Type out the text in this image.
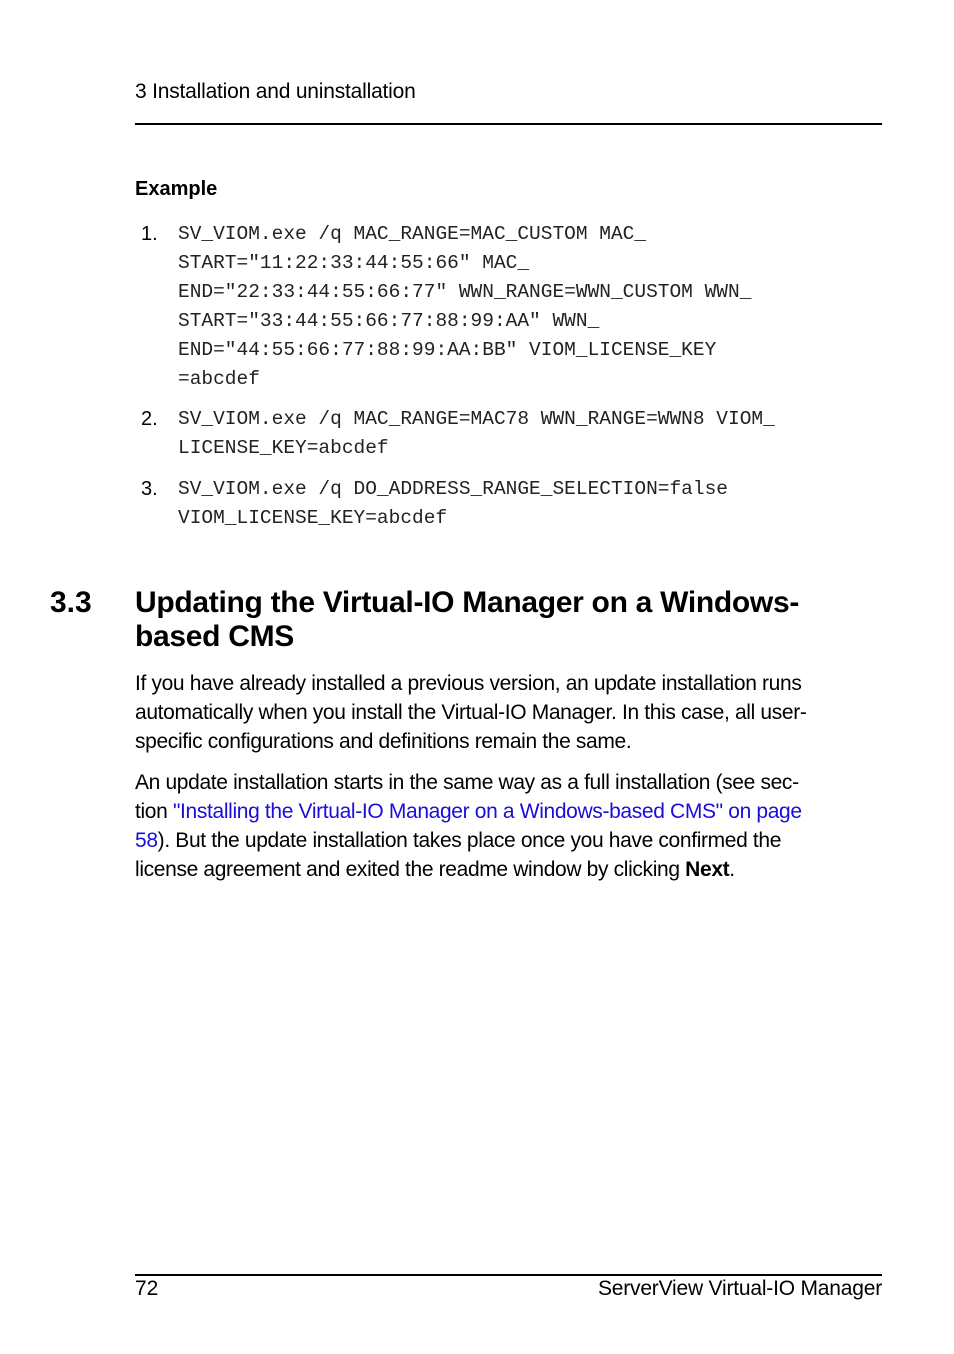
3 Installation and uninstallation
Example
1. SV_VIOM.exe /q MAC_RANGE=MAC_CUSTOM MAC_
START="11:22:33:44:55:66" MAC_
END="22:33:44:55:66:77" WWN_RANGE=WWN_CUSTOM WWN_
START="33:44:55:66:77:88:99:AA" WWN_
END="44:55:66:77:88:99:AA:BB" VIOM_LICENSE_KEY
=abcdef
2. SV_VIOM.exe /q MAC_RANGE=MAC78 WWN_RANGE=WWN8 VIOM_
LICENSE_KEY=abcdef
3. SV_VIOM.exe /q DO_ADDRESS_RANGE_SELECTION=false
VIOM_LICENSE_KEY=abcdef
3.3 Updating the Virtual-IO Manager on a Windows-
based CMS
If you have already installed a previous version, an update installation runs
automatically when you install the Virtual-IO Manager. In this case, all user-
specific configurations and definitions remain the same.
An update installation starts in the same way as a full installation (see sec-
tion "Installing the Virtual-IO Manager on a Windows-based CMS" on page
58). But the update installation takes place once you have confirmed the
license agreement and exited the readme window by clicking Next.
72	ServerView Virtual-IO Manager
